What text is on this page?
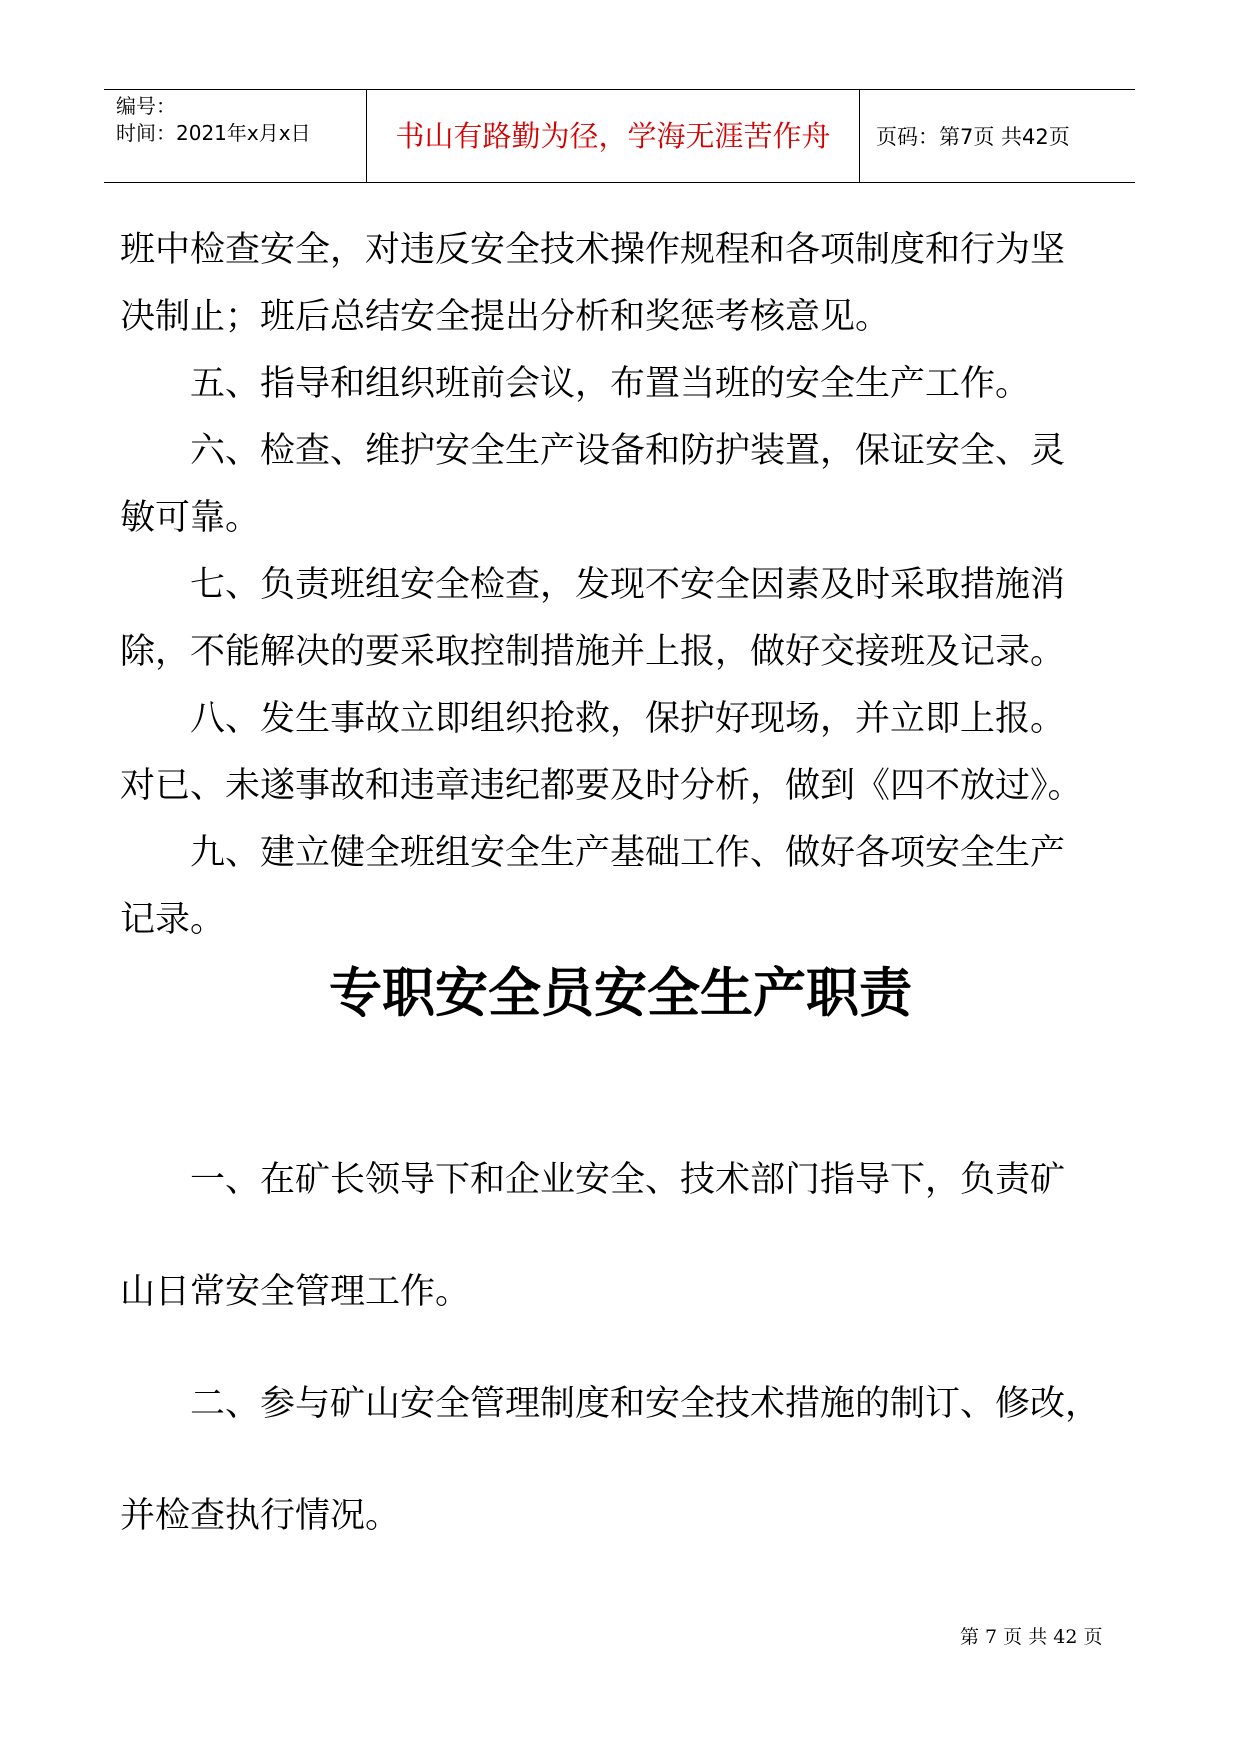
编号：
时间：2021年x月x日	书山有路勤为径，学海无涯苦作舟	页码：第7页 共42页
班中检查安全，对违反安全技术操作规程和各项制度和行为坚
决制止；班后总结安全提出分析和奖惩考核意见。
　　五、指导和组织班前会议，布置当班的安全生产工作。
　　六、检查、维护安全生产设备和防护装置，保证安全、灵
敏可靠。
　　七、负责班组安全检查，发现不安全因素及时采取措施消
除，不能解决的要采取控制措施并上报，做好交接班及记录。
　　八、发生事故立即组织抢救，保护好现场，并立即上报。
对已、未遂事故和违章违纪都要及时分析，做到《四不放过》。
　　九、建立健全班组安全生产基础工作、做好各项安全生产
记录。
专职安全员安全生产职责
　　一、在矿长领导下和企业安全、技术部门指导下，负责矿
山日常安全管理工作。
　　二、参与矿山安全管理制度和安全技术措施的制订、修改，
并检查执行情况。
第 7 页 共 42 页
